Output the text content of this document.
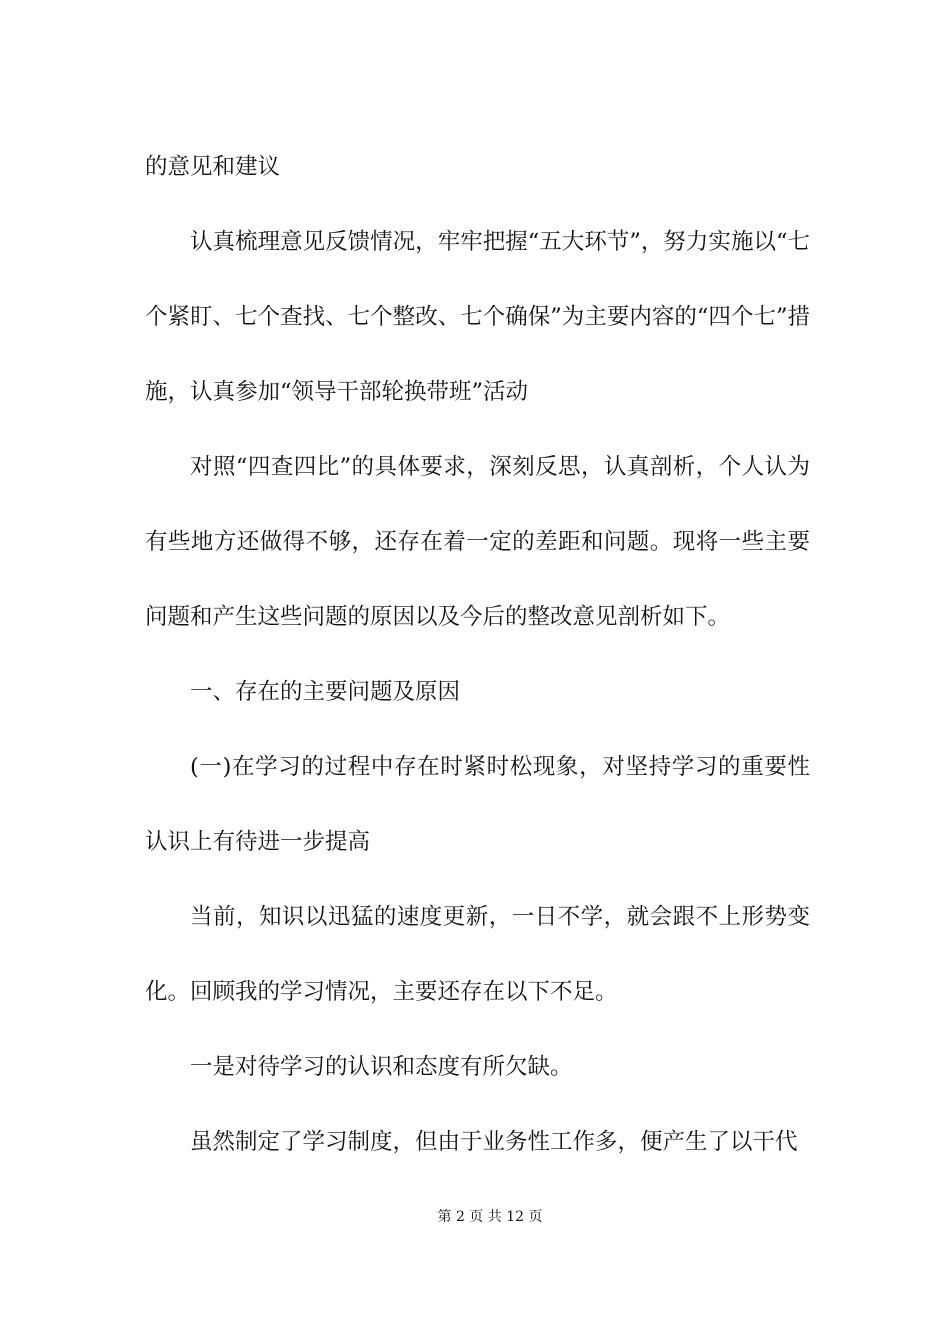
的意见和建议

认真梳理意见反馈情况，牢牢把握“五大环节”，努力实施以“七个紧盯、七个查找、七个整改、七个确保”为主要内容的“四个七”措施，认真参加“领导干部轮换带班”活动

对照“四查四比”的具体要求，深刻反思，认真剖析，个人认为有些地方还做得不够，还存在着一定的差距和问题。现将一些主要问题和产生这些问题的原因以及今后的整改意见剖析如下。

一、存在的主要问题及原因

(一)在学习的过程中存在时紧时松现象，对坚持学习的重要性认识上有待进一步提高

当前，知识以迅猛的速度更新，一日不学，就会跟不上形势变化。回顾我的学习情况，主要还存在以下不足。

一是对待学习的认识和态度有所欠缺。

虽然制定了学习制度，但由于业务性工作多，便产生了以干代

第 2 页 共 12 页
